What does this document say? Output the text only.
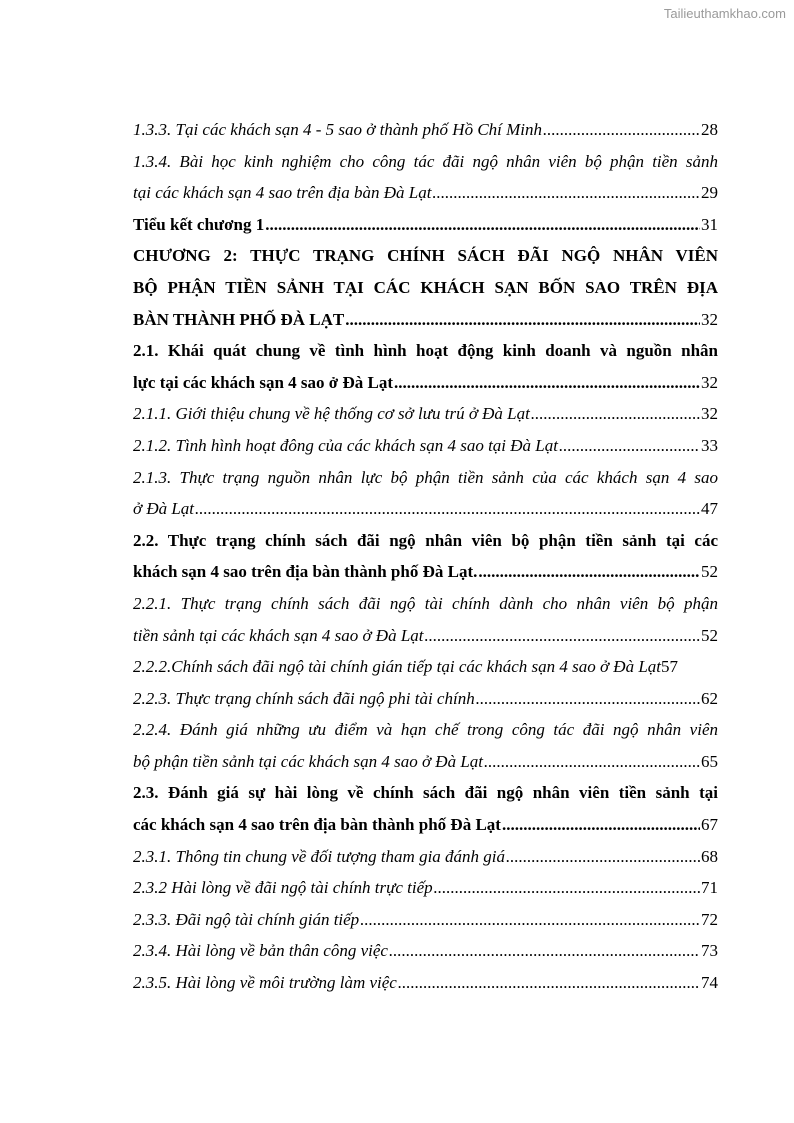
Tailieuthamkhao.com
1.3.3. Tại các khách sạn 4 - 5 sao ở thành phố Hồ Chí Minh .....	28
1.3.4. Bài học kinh nghiệm cho công tác đãi ngộ nhân viên bộ phận tiền sảnh
tại các khách sạn 4 sao trên địa bàn Đà Lạt .....	29
Tiểu kết chương 1 .....	31
CHƯƠNG 2: THỰC TRẠNG CHÍNH SÁCH ĐÃI NGỘ NHÂN VIÊN
BỘ PHẬN TIỀN SẢNH TẠI CÁC KHÁCH SẠN BỐN SAO TRÊN ĐỊA
BÀN THÀNH PHỐ ĐÀ LẠT .....	32
2.1. Khái quát chung về tình hình hoạt động kinh doanh và nguồn nhân
lực tại các khách sạn 4 sao ở Đà Lạt .....	32
2.1.1. Giới thiệu chung về hệ thống cơ sở lưu trú ở Đà Lạt .....	32
2.1.2. Tình hình hoạt đông của các khách sạn 4 sao tại Đà Lạt .....	33
2.1.3. Thực trạng nguồn nhân lực bộ phận tiền sảnh của các khách sạn 4 sao
ở Đà Lạt .....	47
2.2. Thực trạng chính sách đãi ngộ nhân viên bộ phận tiền sảnh tại các
khách sạn 4 sao trên địa bàn thành phố Đà Lạt. .....	52
2.2.1. Thực trạng chính sách đãi ngộ tài chính dành cho nhân viên bộ phận
tiền sảnh tại các khách sạn 4 sao ở Đà Lạt .....	52
2.2.2.Chính sách đãi ngộ tài chính gián tiếp tại các khách sạn 4 sao ở Đà Lạt 57
2.2.3. Thực trạng chính sách đãi ngộ phi tài chính .....	62
2.2.4. Đánh giá những ưu điểm và hạn chế trong công tác đãi ngộ nhân viên
bộ phận tiền sảnh tại các khách sạn 4 sao ở Đà Lạt .....	65
2.3. Đánh giá sự hài lòng về chính sách đãi ngộ nhân viên tiền sảnh tại
các khách sạn 4 sao trên địa bàn thành phố Đà Lạt .....	67
2.3.1. Thông tin chung về đối tượng tham gia đánh giá .....	68
2.3.2 Hài lòng về đãi ngộ tài chính trực tiếp .....	71
2.3.3. Đãi ngộ tài chính gián tiếp .....	72
2.3.4. Hài lòng về bản thân công việc .....	73
2.3.5. Hài lòng về môi trường làm việc .....	74
